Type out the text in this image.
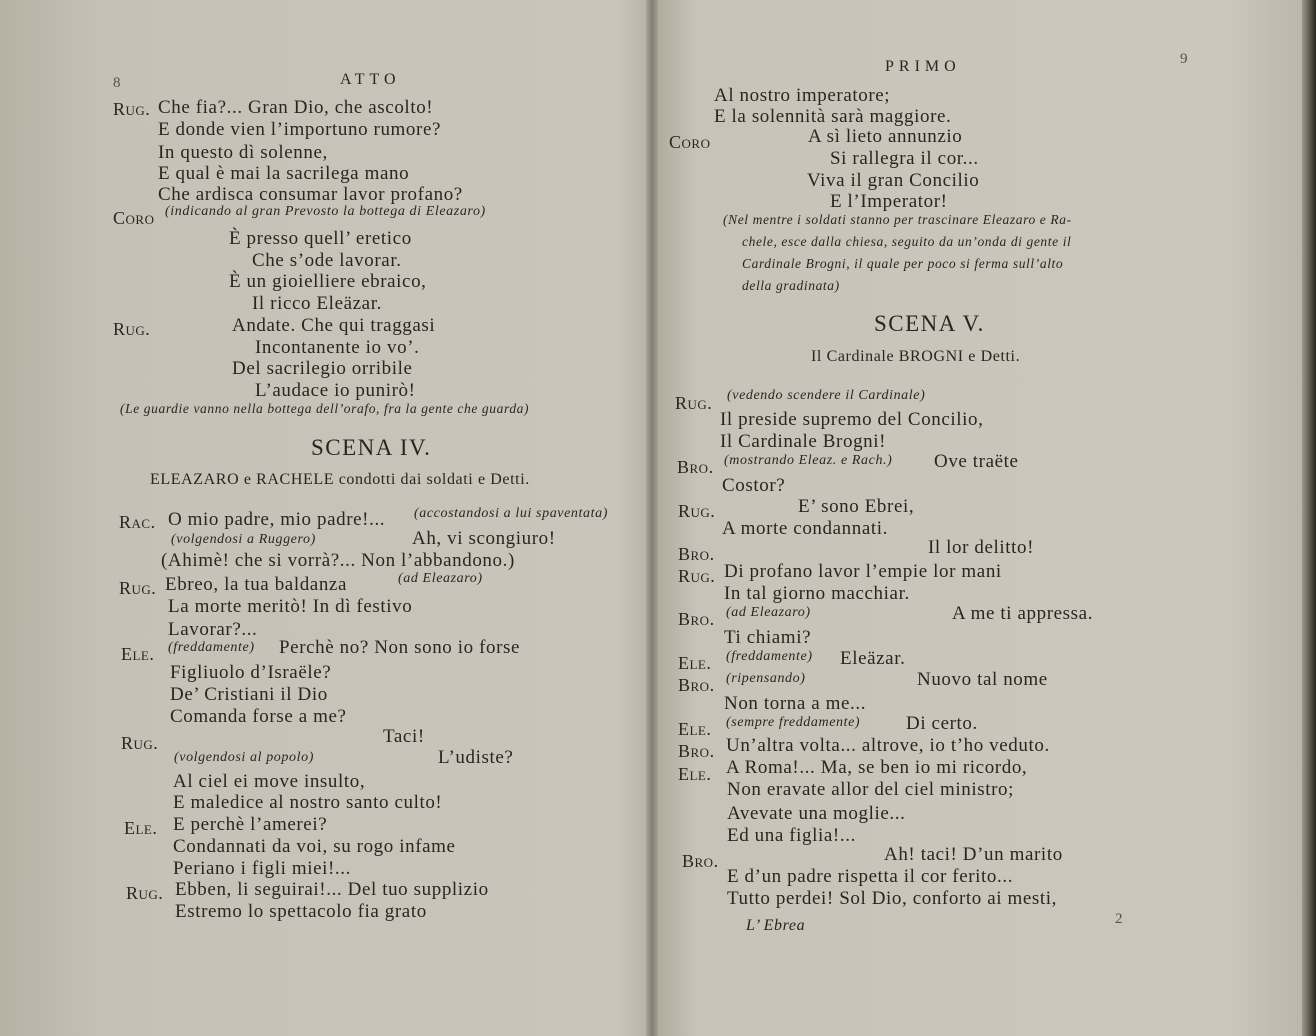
8	ATTO
Rug. Che fia?... Gran Dio, che ascolto!
E donde vien l’importuno rumore?
In questo dì solenne,
E qual è mai la sacrilega mano
Che ardisca consumar lavor profano?
Coro (indicando al gran Prevosto la bottega di Eleazaro)
È presso quell’ eretico
Che s’ode lavorar.
È un gioielliere ebraico,
Il ricco Eleäzar.
Rug.	Andate. Che qui traggasi
Incontanente io vo’.
Del sacrilegio orribile
L’audace io punirò!
(Le guardie vanno nella bottega dell’orafo, fra la gente che guarda)
SCENA IV.
ELEAZARO e RACHELE condotti dai soldati e Detti.
Rac. O mio padre, mio padre!... (accostandosi a lui spaventata)
(volgendosi a Ruggero)	Ah, vi scongiuro!
(Ahimè! che si vorrà?... Non l’abbandono.)
Rug. Ebreo, la tua baldanza	(ad Eleazaro)
La morte meritò! In dì festivo
Lavorar?...
Ele. (freddamente) Perchè no? Non sono io forse
Figliuolo d’Israële?
De’ Cristiani il Dio
Comanda forse a me?
Rug.	Taci!
(volgendosi al popolo)	L’udiste?
Al ciel ei move insulto,
E maledice al nostro santo culto!
Ele. E perchè l’amerei?
Condannati da voi, su rogo infame
Periano i figli miei!...
Rug. Ebben, li seguirai!... Del tuo supplizio
Estremo lo spettacolo fia grato
PRIMO	9
Al nostro imperatore;
E la solennità sarà maggiore.
Coro	A sì lieto annunzio
Si rallegra il cor...
Viva il gran Concilio
E l’Imperator!
(Nel mentre i soldati stanno per trascinare Eleazaro e Ra-
chele, esce dalla chiesa, seguito da un’onda di gente il
Cardinale Brogni, il quale per poco si ferma sull’alto
della gradinata)
SCENA V.
Il Cardinale BROGNI e Detti.
Rug. (vedendo scendere il Cardinale)
Il preside supremo del Concilio,
Il Cardinale Brogni!
Bro. (mostrando Eleaz. e Rach.) Ove traëte
Costor?
Rug.	E’ sono Ebrei,
A morte condannati.
Bro.	Il lor delitto!
Rug. Di profano lavor l’empie lor mani
In tal giorno macchiar.
Bro. (ad Eleazaro)	A me ti appressa.
Ti chiami?
Ele. (freddamente) Eleäzar.
Bro. (ripensando)	Nuovo tal nome
Non torna a me...
Ele. (sempre freddamente) Di certo.
Bro. Un’altra volta... altrove, io t’ho veduto.
Ele. A Roma!... Ma, se ben io mi ricordo,
Non eravate allor del ciel ministro;
Avevate una moglie...
Ed una figlia!...
Bro.	Ah! taci! D’un marito
E d’un padre rispetta il cor ferito...
Tutto perdei! Sol Dio, conforto ai mesti,
L’ Ebrea	2
